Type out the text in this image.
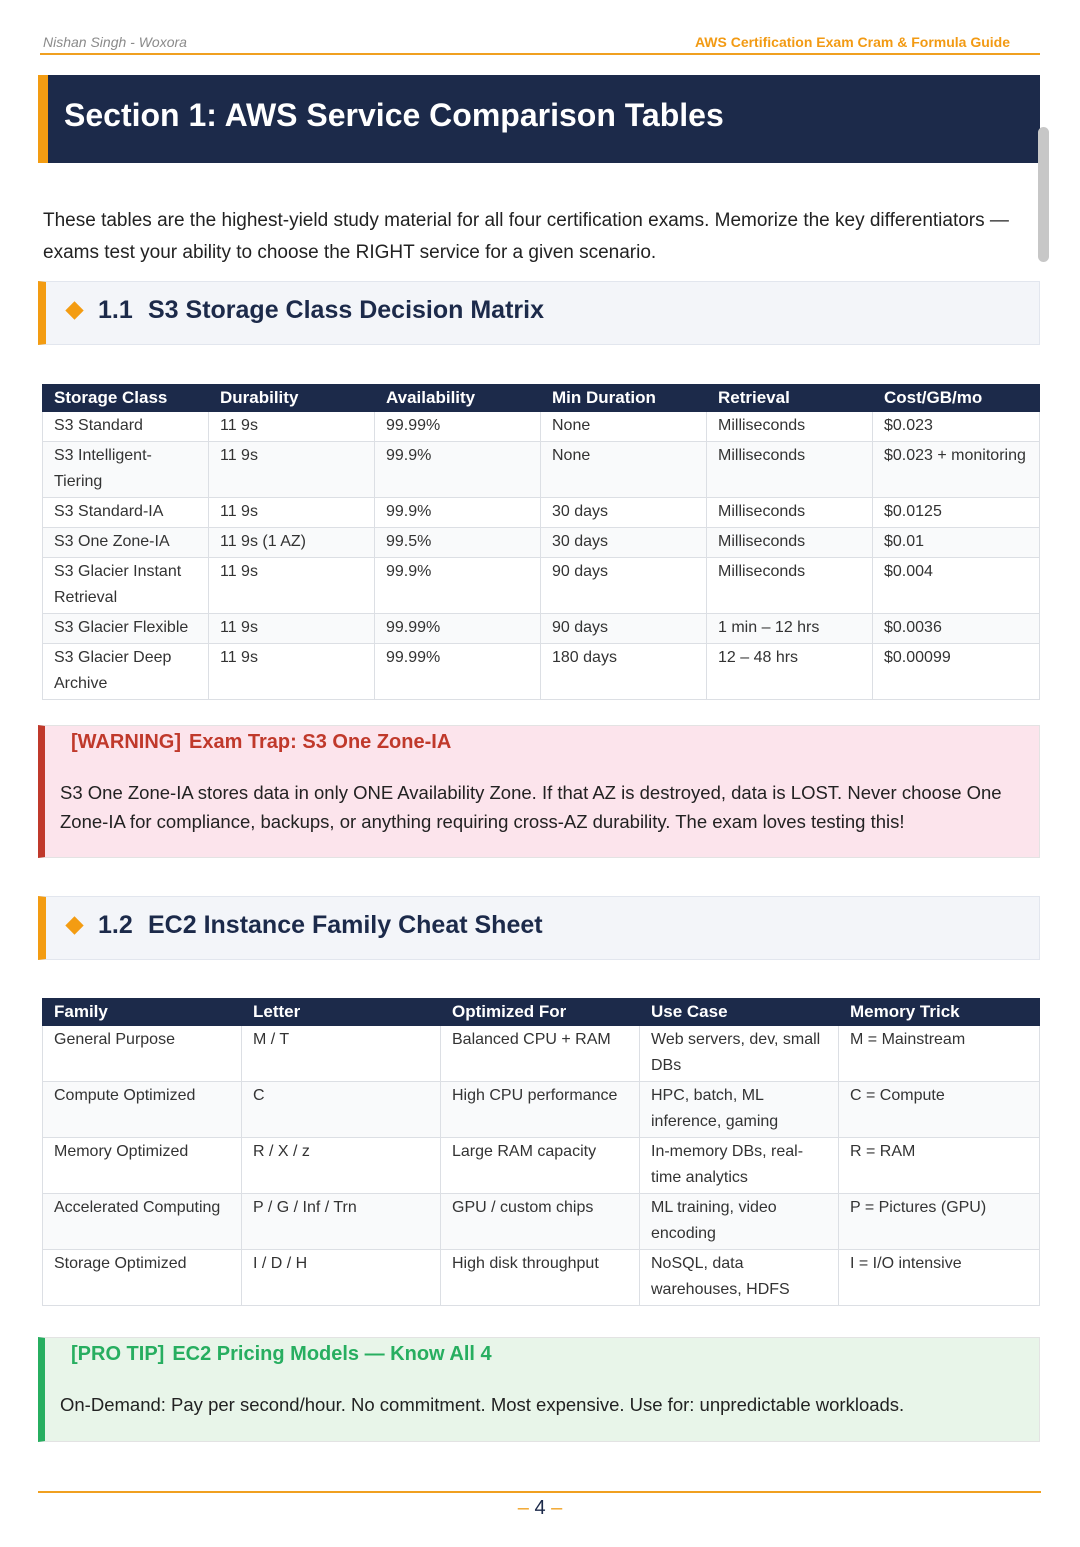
Nishan Singh - Woxora	AWS Certification Exam Cram & Formula Guide
Section 1: AWS Service Comparison Tables

These tables are the highest-yield study material for all four certification exams. Memorize the key differentiators — exams test your ability to choose the RIGHT service for a given scenario.

1.1 S3 Storage Class Decision Matrix
Storage Class	Durability	Availability	Min Duration	Retrieval	Cost/GB/mo
S3 Standard	11 9s	99.99%	None	Milliseconds	$0.023
S3 Intelligent-Tiering	11 9s	99.9%	None	Milliseconds	$0.023 + monitoring
S3 Standard-IA	11 9s	99.9%	30 days	Milliseconds	$0.0125
S3 One Zone-IA	11 9s (1 AZ)	99.5%	30 days	Milliseconds	$0.01
S3 Glacier Instant Retrieval	11 9s	99.9%	90 days	Milliseconds	$0.004
S3 Glacier Flexible	11 9s	99.99%	90 days	1 min – 12 hrs	$0.0036
S3 Glacier Deep Archive	11 9s	99.99%	180 days	12 – 48 hrs	$0.00099
[WARNING] Exam Trap: S3 One Zone-IA

S3 One Zone-IA stores data in only ONE Availability Zone. If that AZ is destroyed, data is LOST. Never choose One Zone-IA for compliance, backups, or anything requiring cross-AZ durability. The exam loves testing this!

1.2 EC2 Instance Family Cheat Sheet
Family	Letter	Optimized For	Use Case	Memory Trick
General Purpose	M / T	Balanced CPU + RAM	Web servers, dev, small DBs	M = Mainstream
Compute Optimized	C	High CPU performance	HPC, batch, ML inference, gaming	C = Compute
Memory Optimized	R / X / z	Large RAM capacity	In-memory DBs, real-time analytics	R = RAM
Accelerated Computing	P / G / Inf / Trn	GPU / custom chips	ML training, video encoding	P = Pictures (GPU)
Storage Optimized	I / D / H	High disk throughput	NoSQL, data warehouses, HDFS	I = I/O intensive
[PRO TIP] EC2 Pricing Models — Know All 4

On-Demand: Pay per second/hour. No commitment. Most expensive. Use for: unpredictable workloads.

– 4 –
